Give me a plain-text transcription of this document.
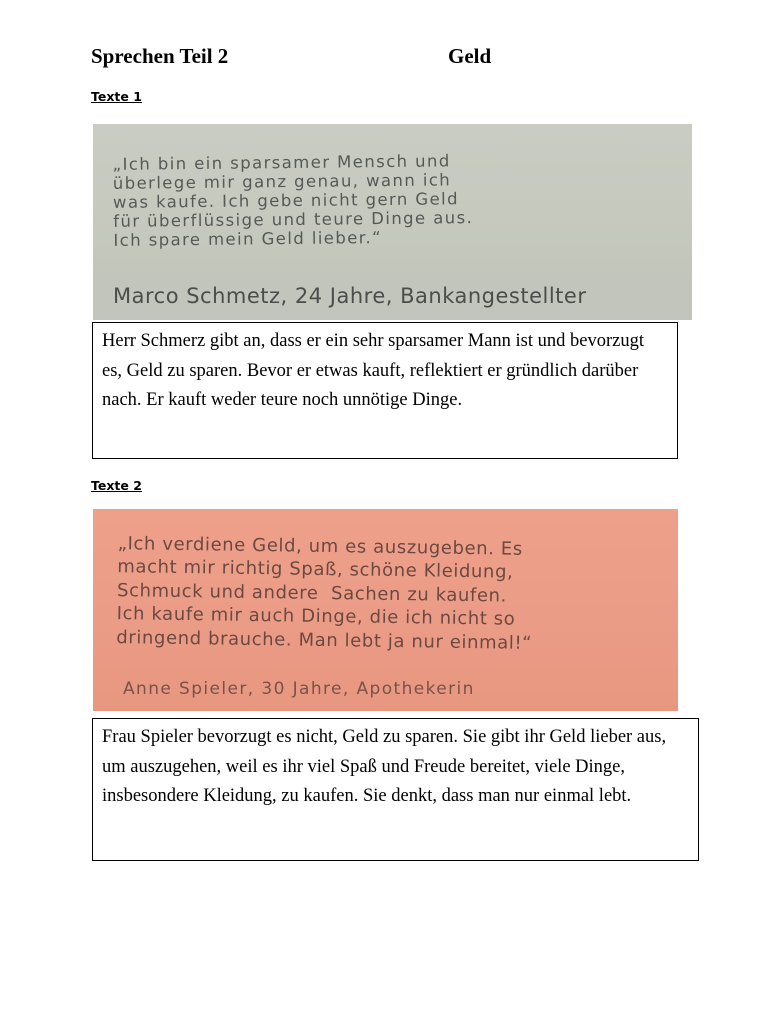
Sprechen Teil 2	Geld
Texte 1
„Ich bin ein sparsamer Mensch und
überlege mir ganz genau, wann ich
was kaufe. Ich gebe nicht gern Geld
für überflüssige und teure Dinge aus.
Ich spare mein Geld lieber.“
Marco Schmetz, 24 Jahre, Bankangestellter
Herr Schmerz gibt an, dass er ein sehr sparsamer Mann ist und bevorzugt es, Geld zu sparen. Bevor er etwas kauft, reflektiert er gründlich darüber nach. Er kauft weder teure noch unnötige Dinge.
Texte 2
„Ich verdiene Geld, um es auszugeben. Es
macht mir richtig Spaß, schöne Kleidung,
Schmuck und andere  Sachen zu kaufen.
Ich kaufe mir auch Dinge, die ich nicht so
dringend brauche. Man lebt ja nur einmal!“
Anne Spieler, 30 Jahre, Apothekerin
Frau Spieler bevorzugt es nicht, Geld zu sparen. Sie gibt ihr Geld lieber aus, um auszugehen, weil es ihr viel Spaß und Freude bereitet, viele Dinge, insbesondere Kleidung, zu kaufen. Sie denkt, dass man nur einmal lebt.
